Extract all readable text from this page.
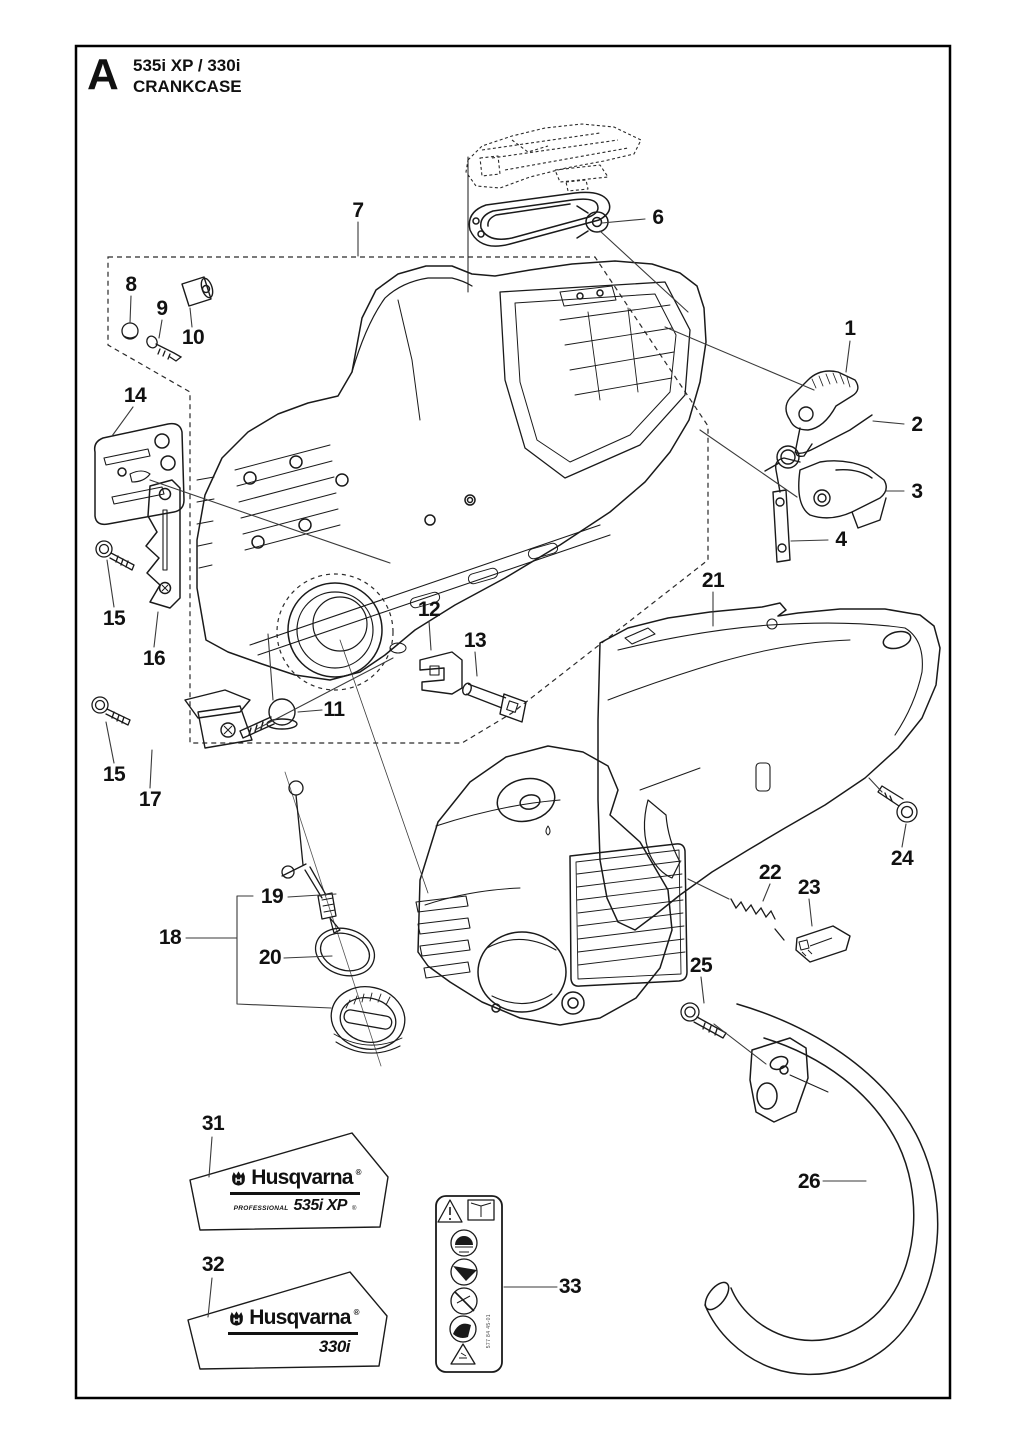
A 535i XP / 330i
CRANKCASE
1
2
3
4
6
7
8
9
10
11
12
13
14
15
16
15
17
18
19
20
21
22
23
24
25
26
31
32
33
Husqvarna ®
PROFESSIONAL 535i XP ®
Husqvarna ®
330i	577 84 45-01
